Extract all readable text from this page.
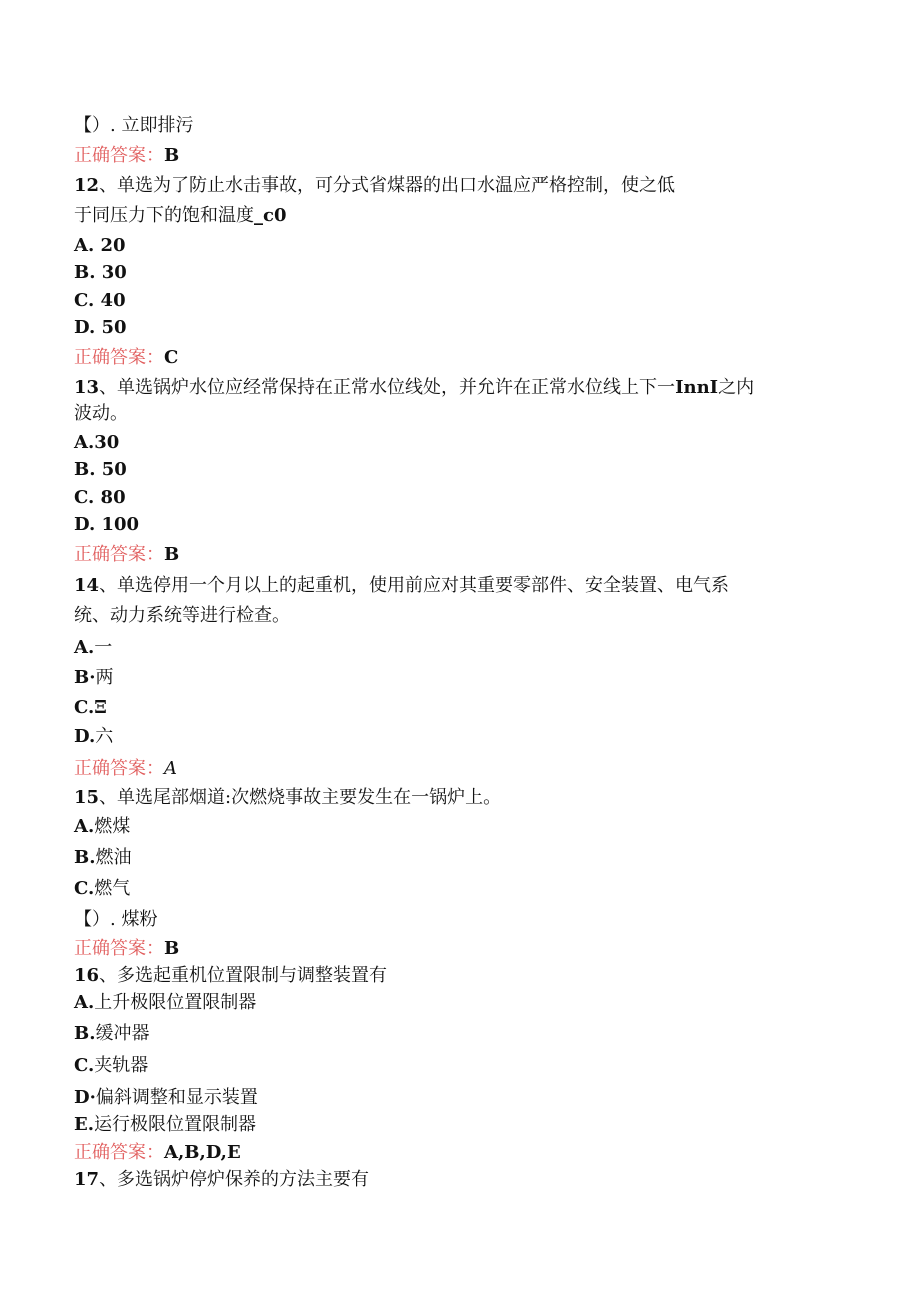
【）. 立即排污
正确答案：B
12、单选为了防止水击事故，可分式省煤器的出口水温应严格控制，使之低
于同压力下的饱和温度_c0
A. 20
B. 30
C. 40
D. 50
正确答案：C
13、单选锅炉水位应经常保持在正常水位线处，并允许在正常水位线上下一InnI之内
波动。
A.30
B. 50
C. 80
D. 100
正确答案：B
14、单选停用一个月以上的起重机，使用前应对其重要零部件、安全装置、电气系
统、动力系统等进行检查。
A.一
B·两
C.Ξ
D.六
正确答案：A
15、单选尾部烟道:次燃烧事故主要发生在一锅炉上。
A.燃煤
B.燃油
C.燃气
【）. 煤粉
正确答案：B
16、多选起重机位置限制与调整装置有
A.上升极限位置限制器
B.缓冲器
C.夹轨器
D·偏斜调整和显示装置
E.运行极限位置限制器
正确答案：A,B,D,E
17、多选锅炉停炉保养的方法主要有
